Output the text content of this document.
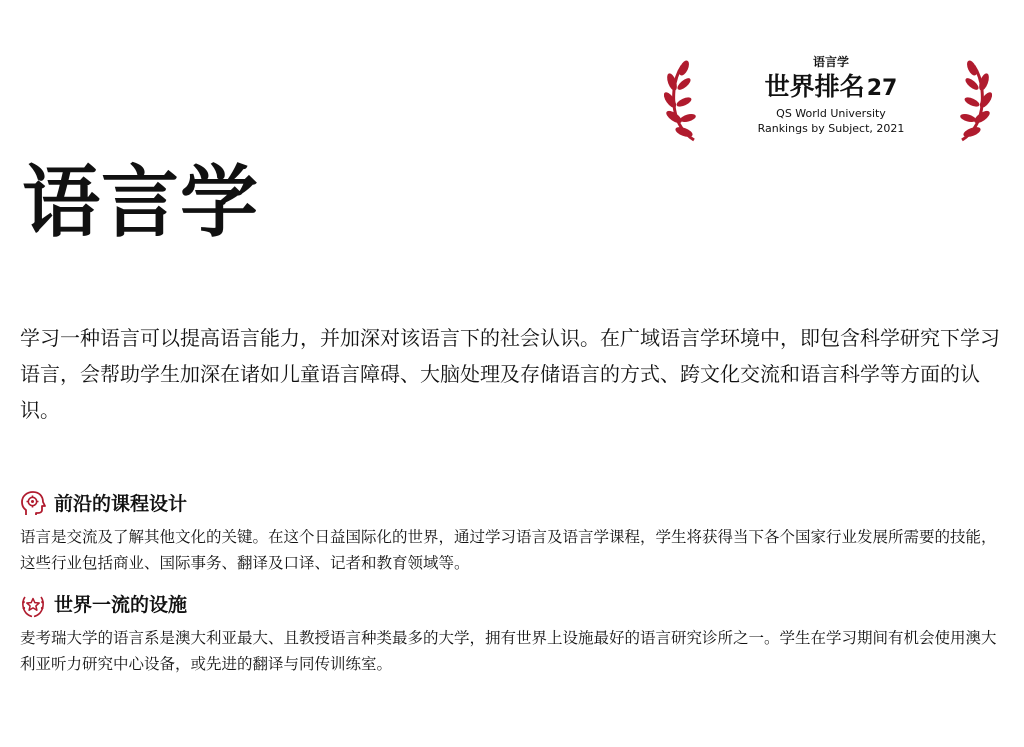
语言学
世界排名27
QS World University
Rankings by Subject, 2021
语言学

学习一种语言可以提高语言能力，并加深对该语言下的社会认识。在广域语言学环境中，即包含科学研究下学习语言，会帮助学生加深在诸如儿童语言障碍、大脑处理及存储语言的方式、跨文化交流和语言科学等方面的认识。

前沿的课程设计

语言是交流及了解其他文化的关键。在这个日益国际化的世界，通过学习语言及语言学课程，学生将获得当下各个国家行业发展所需要的技能，这些行业包括商业、国际事务、翻译及口译、记者和教育领域等。

世界一流的设施

麦考瑞大学的语言系是澳大利亚最大、且教授语言种类最多的大学，拥有世界上设施最好的语言研究诊所之一。学生在学习期间有机会使用澳大利亚听力研究中心设备，或先进的翻译与同传训练室。
